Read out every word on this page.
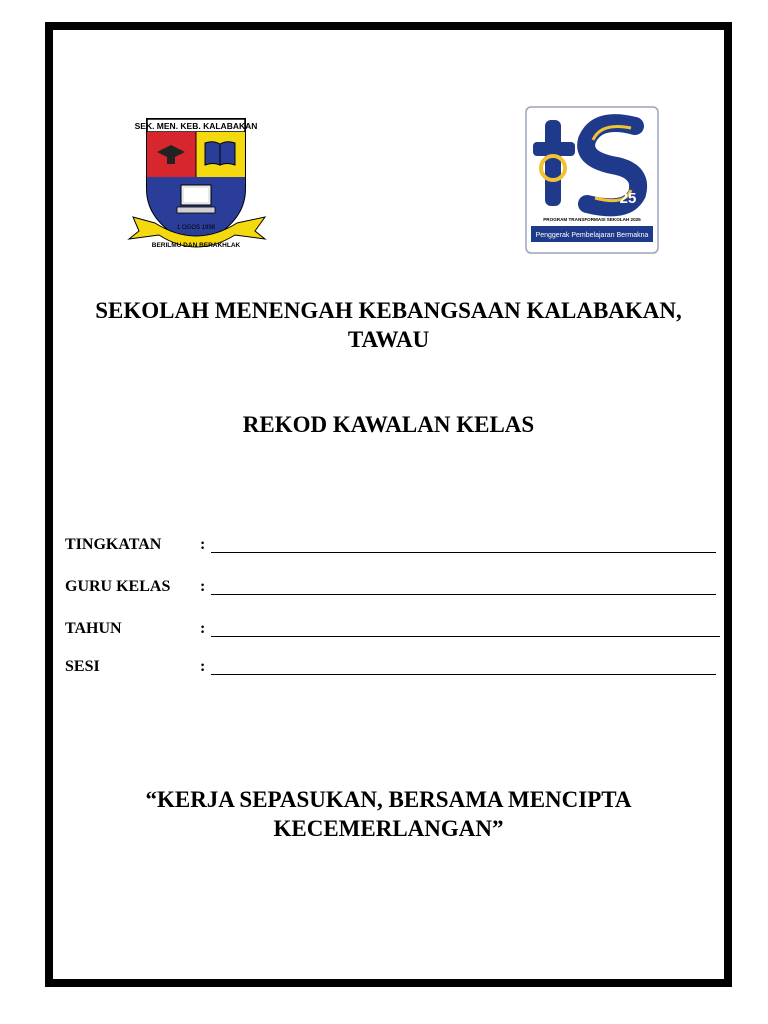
SEK. MEN. KEB. KALABAKAN
1 OGOS 1998
BERILMU DAN BERAKHLAK
25
PROGRAM TRANSFORMASI SEKOLAH 2025
Penggerak Pembelajaran Bermakna
SEKOLAH MENENGAH KEBANGSAAN KALABAKAN,
TAWAU
REKOD KAWALAN KELAS
TINGKATAN :
GURU KELAS :
TAHUN	:
SESI	:
“KERJA SEPASUKAN, BERSAMA MENCIPTA
KECEMERLANGAN”
